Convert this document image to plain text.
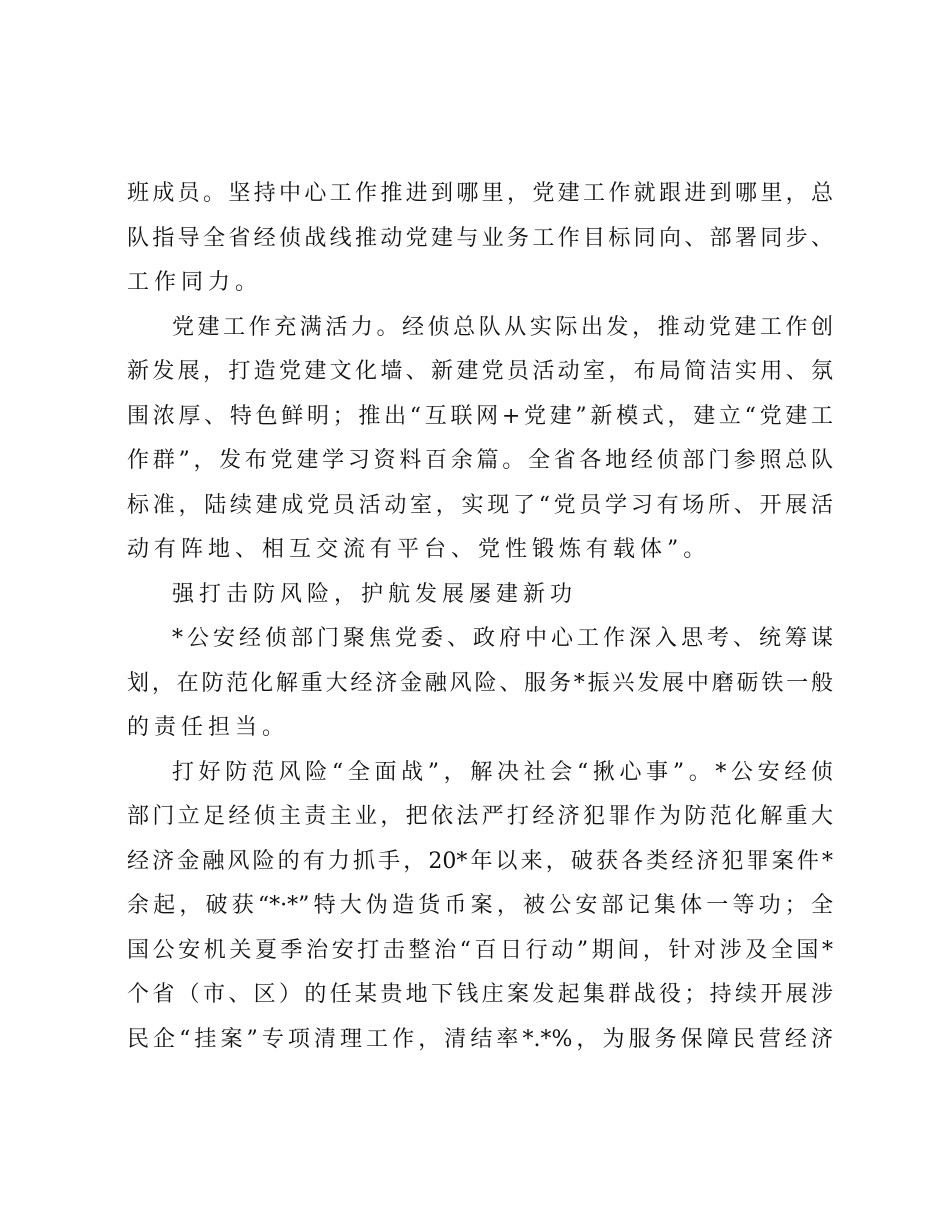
班成员。坚持中心工作推进到哪里，党建工作就跟进到哪里，总
队指导全省经侦战线推动党建与业务工作目标同向、部署同步、
工作同力。
党建工作充满活力。经侦总队从实际出发，推动党建工作创
新发展，打造党建文化墙、新建党员活动室，布局简洁实用、氛
围浓厚、特色鲜明；推出“互联网+党建”新模式，建立“党建工
作群”，发布党建学习资料百余篇。全省各地经侦部门参照总队
标准，陆续建成党员活动室，实现了“党员学习有场所、开展活
动有阵地、相互交流有平台、党性锻炼有载体”。
强打击防风险，护航发展屡建新功
*公安经侦部门聚焦党委、政府中心工作深入思考、统筹谋
划，在防范化解重大经济金融风险、服务*振兴发展中磨砺铁一般
的责任担当。
打好防范风险“全面战”，解决社会“揪心事”。*公安经侦
部门立足经侦主责主业，把依法严打经济犯罪作为防范化解重大
经济金融风险的有力抓手，20*年以来，破获各类经济犯罪案件*
余起，破获“*·*”特大伪造货币案，被公安部记集体一等功；全
国公安机关夏季治安打击整治“百日行动”期间，针对涉及全国*
个省（市、区）的任某贵地下钱庄案发起集群战役；持续开展涉
民企“挂案”专项清理工作，清结率*.*%，为服务保障民营经济
